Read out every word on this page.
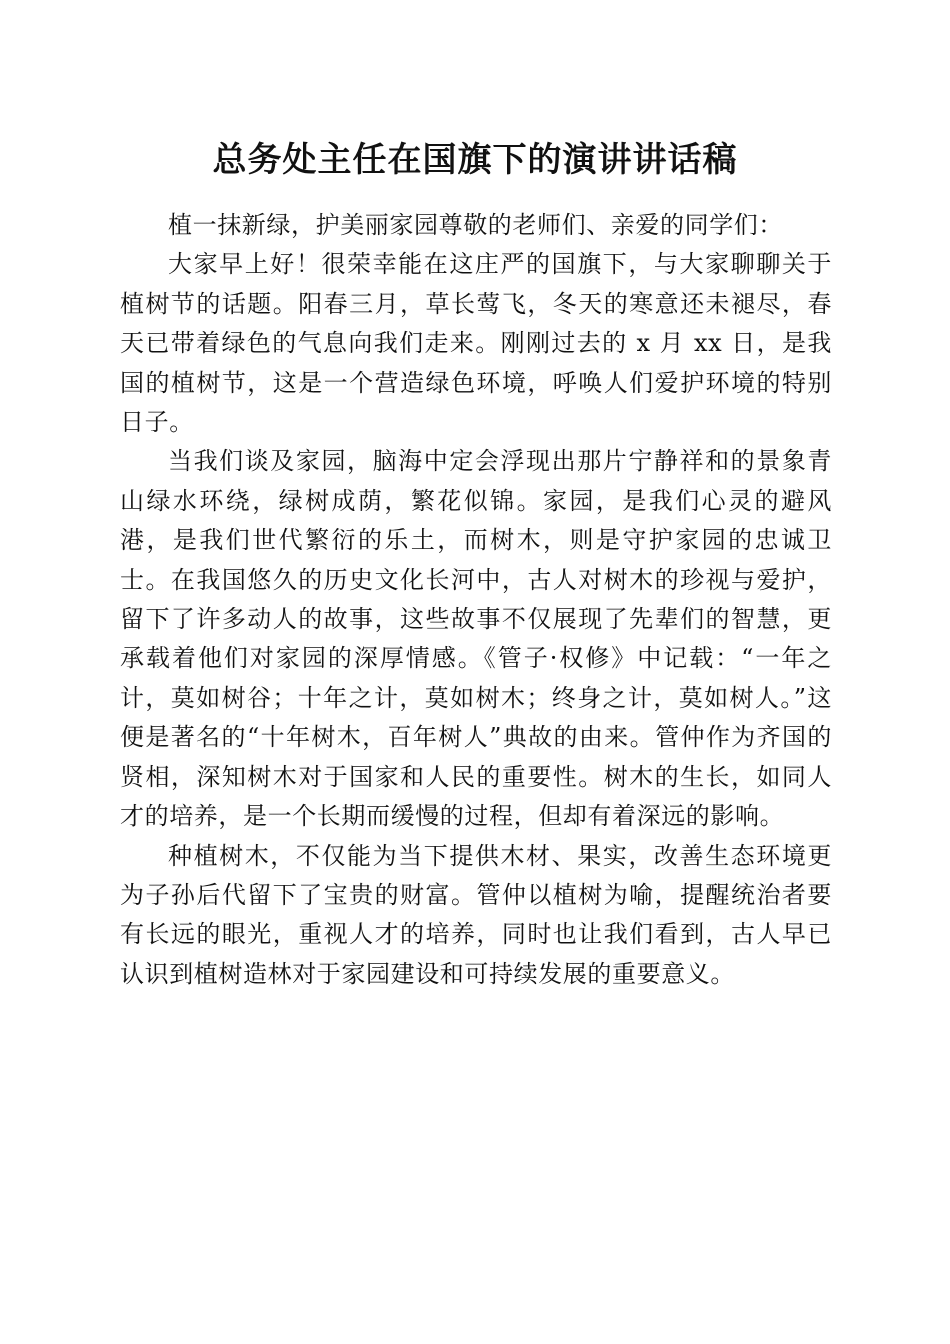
总务处主任在国旗下的演讲讲话稿

植一抹新绿，护美丽家园尊敬的老师们、亲爱的同学们：

大家早上好！很荣幸能在这庄严的国旗下，与大家聊聊关于植树节的话题。阳春三月，草长莺飞，冬天的寒意还未褪尽，春天已带着绿色的气息向我们走来。刚刚过去的 x 月 xx 日，是我国的植树节，这是一个营造绿色环境，呼唤人们爱护环境的特别日子。

当我们谈及家园，脑海中定会浮现出那片宁静祥和的景象青山绿水环绕，绿树成荫，繁花似锦。家园，是我们心灵的避风港，是我们世代繁衍的乐土，而树木，则是守护家园的忠诚卫士。在我国悠久的历史文化长河中，古人对树木的珍视与爱护，留下了许多动人的故事，这些故事不仅展现了先辈们的智慧，更承载着他们对家园的深厚情感。《管子·权修》中记载：“一年之计，莫如树谷；十年之计，莫如树木；终身之计，莫如树人。”这便是著名的“十年树木，百年树人”典故的由来。管仲作为齐国的贤相，深知树木对于国家和人民的重要性。树木的生长，如同人才的培养，是一个长期而缓慢的过程，但却有着深远的影响。

种植树木，不仅能为当下提供木材、果实，改善生态环境更为子孙后代留下了宝贵的财富。管仲以植树为喻，提醒统治者要有长远的眼光，重视人才的培养，同时也让我们看到，古人早已认识到植树造林对于家园建设和可持续发展的重要意义。
